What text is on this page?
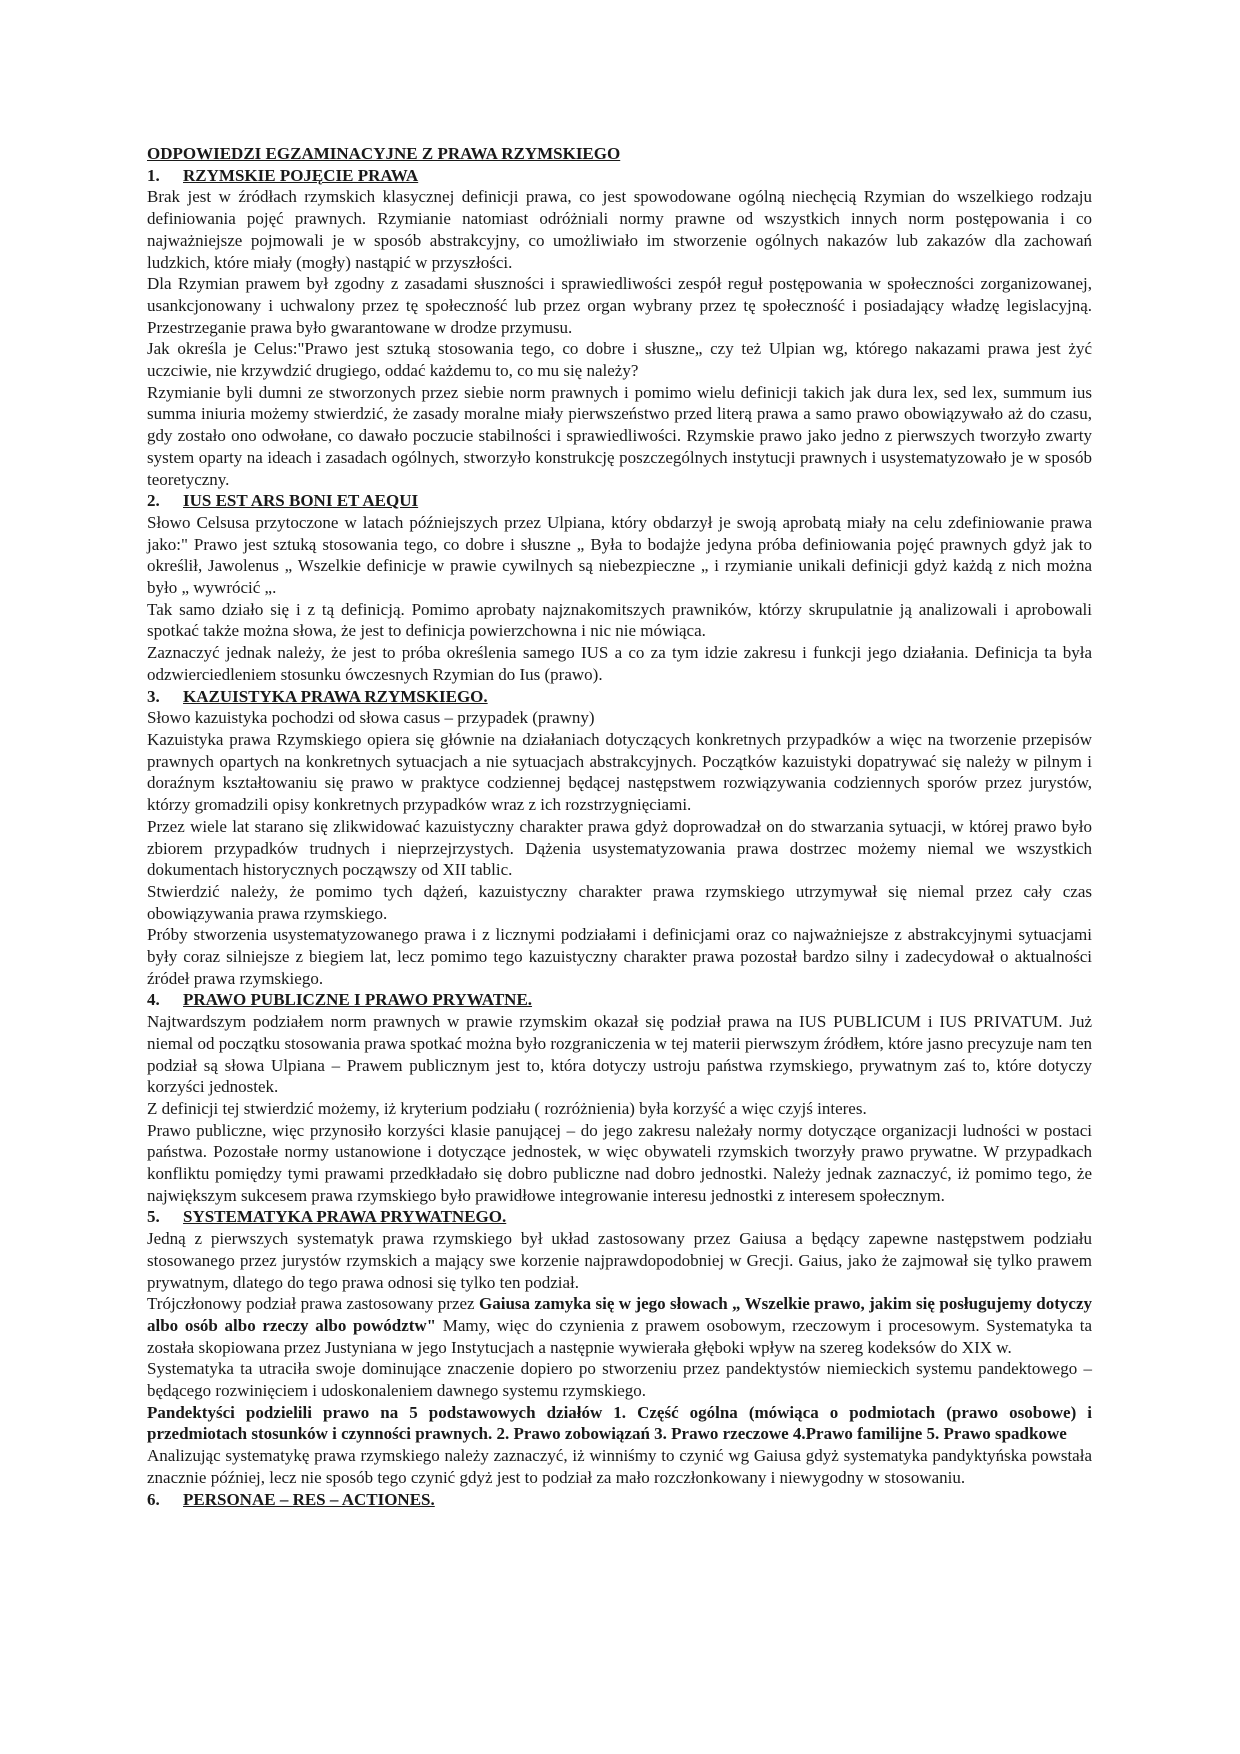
ODPOWIEDZI EGZAMINACYJNE Z PRAWA RZYMSKIEGO
1.	RZYMSKIE POJĘCIE PRAWA

Brak jest w źródłach rzymskich klasycznej definicji prawa, co jest spowodowane ogólną niechęcią Rzymian do wszelkiego rodzaju definiowania pojęć prawnych. Rzymianie natomiast odróżniali normy prawne od wszystkich innych norm postępowania i co najważniejsze pojmowali je w sposób abstrakcyjny, co umożliwiało im stworzenie ogólnych nakazów lub zakazów dla zachowań ludzkich, które miały (mogły) nastąpić w przyszłości.

Dla Rzymian prawem był zgodny z zasadami słuszności i sprawiedliwości zespół reguł postępowania w społeczności zorganizowanej, usankcjonowany i uchwalony przez tę społeczność lub przez organ wybrany przez tę społeczność i posiadający władzę legislacyjną. Przestrzeganie prawa było gwarantowane w drodze przymusu.

Jak określa je Celus:"Prawo jest sztuką stosowania tego, co dobre i słuszne„ czy też Ulpian wg, którego nakazami prawa jest żyć uczciwie, nie krzywdzić drugiego, oddać każdemu to, co mu się należy?

Rzymianie byli dumni ze stworzonych przez siebie norm prawnych i pomimo wielu definicji takich jak dura lex, sed lex, summum ius summa iniuria możemy stwierdzić, że zasady moralne miały pierwszeństwo przed literą prawa a samo prawo obowiązywało aż do czasu, gdy zostało ono odwołane, co dawało poczucie stabilności i sprawiedliwości. Rzymskie prawo jako jedno z pierwszych tworzyło zwarty system oparty na ideach i zasadach ogólnych, stworzyło konstrukcję poszczególnych instytucji prawnych i usystematyzowało je w sposób teoretyczny.

2.	IUS EST ARS BONI ET AEQUI

Słowo Celsusa przytoczone w latach późniejszych przez Ulpiana, który obdarzył je swoją aprobatą miały na celu zdefiniowanie prawa jako:" Prawo jest sztuką stosowania tego, co dobre i słuszne „ Była to bodajże jedyna próba definiowania pojęć prawnych gdyż jak to określił, Jawolenus „ Wszelkie definicje w prawie cywilnych są niebezpieczne „ i rzymianie unikali definicji gdyż każdą z nich można było „ wywrócić „.

Tak samo działo się i z tą definicją. Pomimo aprobaty najznakomitszych prawników, którzy skrupulatnie ją analizowali i aprobowali spotkać także można słowa, że jest to definicja powierzchowna i nic nie mówiąca.

Zaznaczyć jednak należy, że jest to próba określenia samego IUS a co za tym idzie zakresu i funkcji jego działania. Definicja ta była odzwierciedleniem stosunku ówczesnych Rzymian do Ius (prawo).

3.	KAZUISTYKA PRAWA RZYMSKIEGO.

Słowo kazuistyka pochodzi od słowa casus – przypadek (prawny)

Kazuistyka prawa Rzymskiego opiera się głównie na działaniach dotyczących konkretnych przypadków a więc na tworzenie przepisów prawnych opartych na konkretnych sytuacjach a nie sytuacjach abstrakcyjnych. Początków kazuistyki dopatrywać się należy w pilnym i doraźnym kształtowaniu się prawo w praktyce codziennej będącej następstwem rozwiązywania codziennych sporów przez jurystów, którzy gromadzili opisy konkretnych przypadków wraz z ich rozstrzygnięciami.

Przez wiele lat starano się zlikwidować kazuistyczny charakter prawa gdyż doprowadzał on do stwarzania sytuacji, w której prawo było zbiorem przypadków trudnych i nieprzejrzystych. Dążenia usystematyzowania prawa dostrzec możemy niemal we wszystkich dokumentach historycznych począwszy od XII tablic.

Stwierdzić należy, że pomimo tych dążeń, kazuistyczny charakter prawa rzymskiego utrzymywał się niemal przez cały czas obowiązywania prawa rzymskiego.

Próby stworzenia usystematyzowanego prawa i z licznymi podziałami i definicjami oraz co najważniejsze z abstrakcyjnymi sytuacjami były coraz silniejsze z biegiem lat, lecz pomimo tego kazuistyczny charakter prawa pozostał bardzo silny i zadecydował o aktualności źródeł prawa rzymskiego.

4.	PRAWO PUBLICZNE I PRAWO PRYWATNE.

Najtwardszym podziałem norm prawnych w prawie rzymskim okazał się podział prawa na IUS PUBLICUM i IUS PRIVATUM. Już niemal od początku stosowania prawa spotkać można było rozgraniczenia w tej materii pierwszym źródłem, które jasno precyzuje nam ten podział są słowa Ulpiana – Prawem publicznym jest to, która dotyczy ustroju państwa rzymskiego, prywatnym zaś to, które dotyczy korzyści jednostek.

Z definicji tej stwierdzić możemy, iż kryterium podziału ( rozróżnienia) była korzyść a więc czyjś interes.

Prawo publiczne, więc przynosiło korzyści klasie panującej – do jego zakresu należały normy dotyczące organizacji ludności w postaci państwa. Pozostałe normy ustanowione i dotyczące jednostek, w więc obywateli rzymskich tworzyły prawo prywatne. W przypadkach konfliktu pomiędzy tymi prawami przedkładało się dobro publiczne nad dobro jednostki. Należy jednak zaznaczyć, iż pomimo tego, że największym sukcesem prawa rzymskiego było prawidłowe integrowanie interesu jednostki z interesem społecznym.

5.	SYSTEMATYKA PRAWA PRYWATNEGO.

Jedną z pierwszych systematyk prawa rzymskiego był układ zastosowany przez Gaiusa a będący zapewne następstwem podziału stosowanego przez jurystów rzymskich a mający swe korzenie najprawdopodobniej w Grecji. Gaius, jako że zajmował się tylko prawem prywatnym, dlatego do tego prawa odnosi się tylko ten podział.

Trójczłonowy podział prawa zastosowany przez Gaiusa zamyka się w jego słowach „ Wszelkie prawo, jakim się posługujemy dotyczy albo osób albo rzeczy albo powództw" Mamy, więc do czynienia z prawem osobowym, rzeczowym i procesowym. Systematyka ta została skopiowana przez Justyniana w jego Instytucjach a następnie wywierała głęboki wpływ na szereg kodeksów do XIX w.

Systematyka ta utraciła swoje dominujące znaczenie dopiero po stworzeniu przez pandektystów niemieckich systemu pandektowego – będącego rozwinięciem i udoskonaleniem dawnego systemu rzymskiego.

Pandektyści podzielili prawo na 5 podstawowych działów 1. Część ogólna (mówiąca o podmiotach (prawo osobowe) i przedmiotach stosunków i czynności prawnych. 2. Prawo zobowiązań 3. Prawo rzeczowe 4.Prawo familijne 5. Prawo spadkowe

Analizując systematykę prawa rzymskiego należy zaznaczyć, iż winniśmy to czynić wg Gaiusa gdyż systematyka pandyktyńska powstała znacznie później, lecz nie sposób tego czynić gdyż jest to podział za mało rozczłonkowany i niewygodny w stosowaniu.

6.	PERSONAE – RES – ACTIONES.
